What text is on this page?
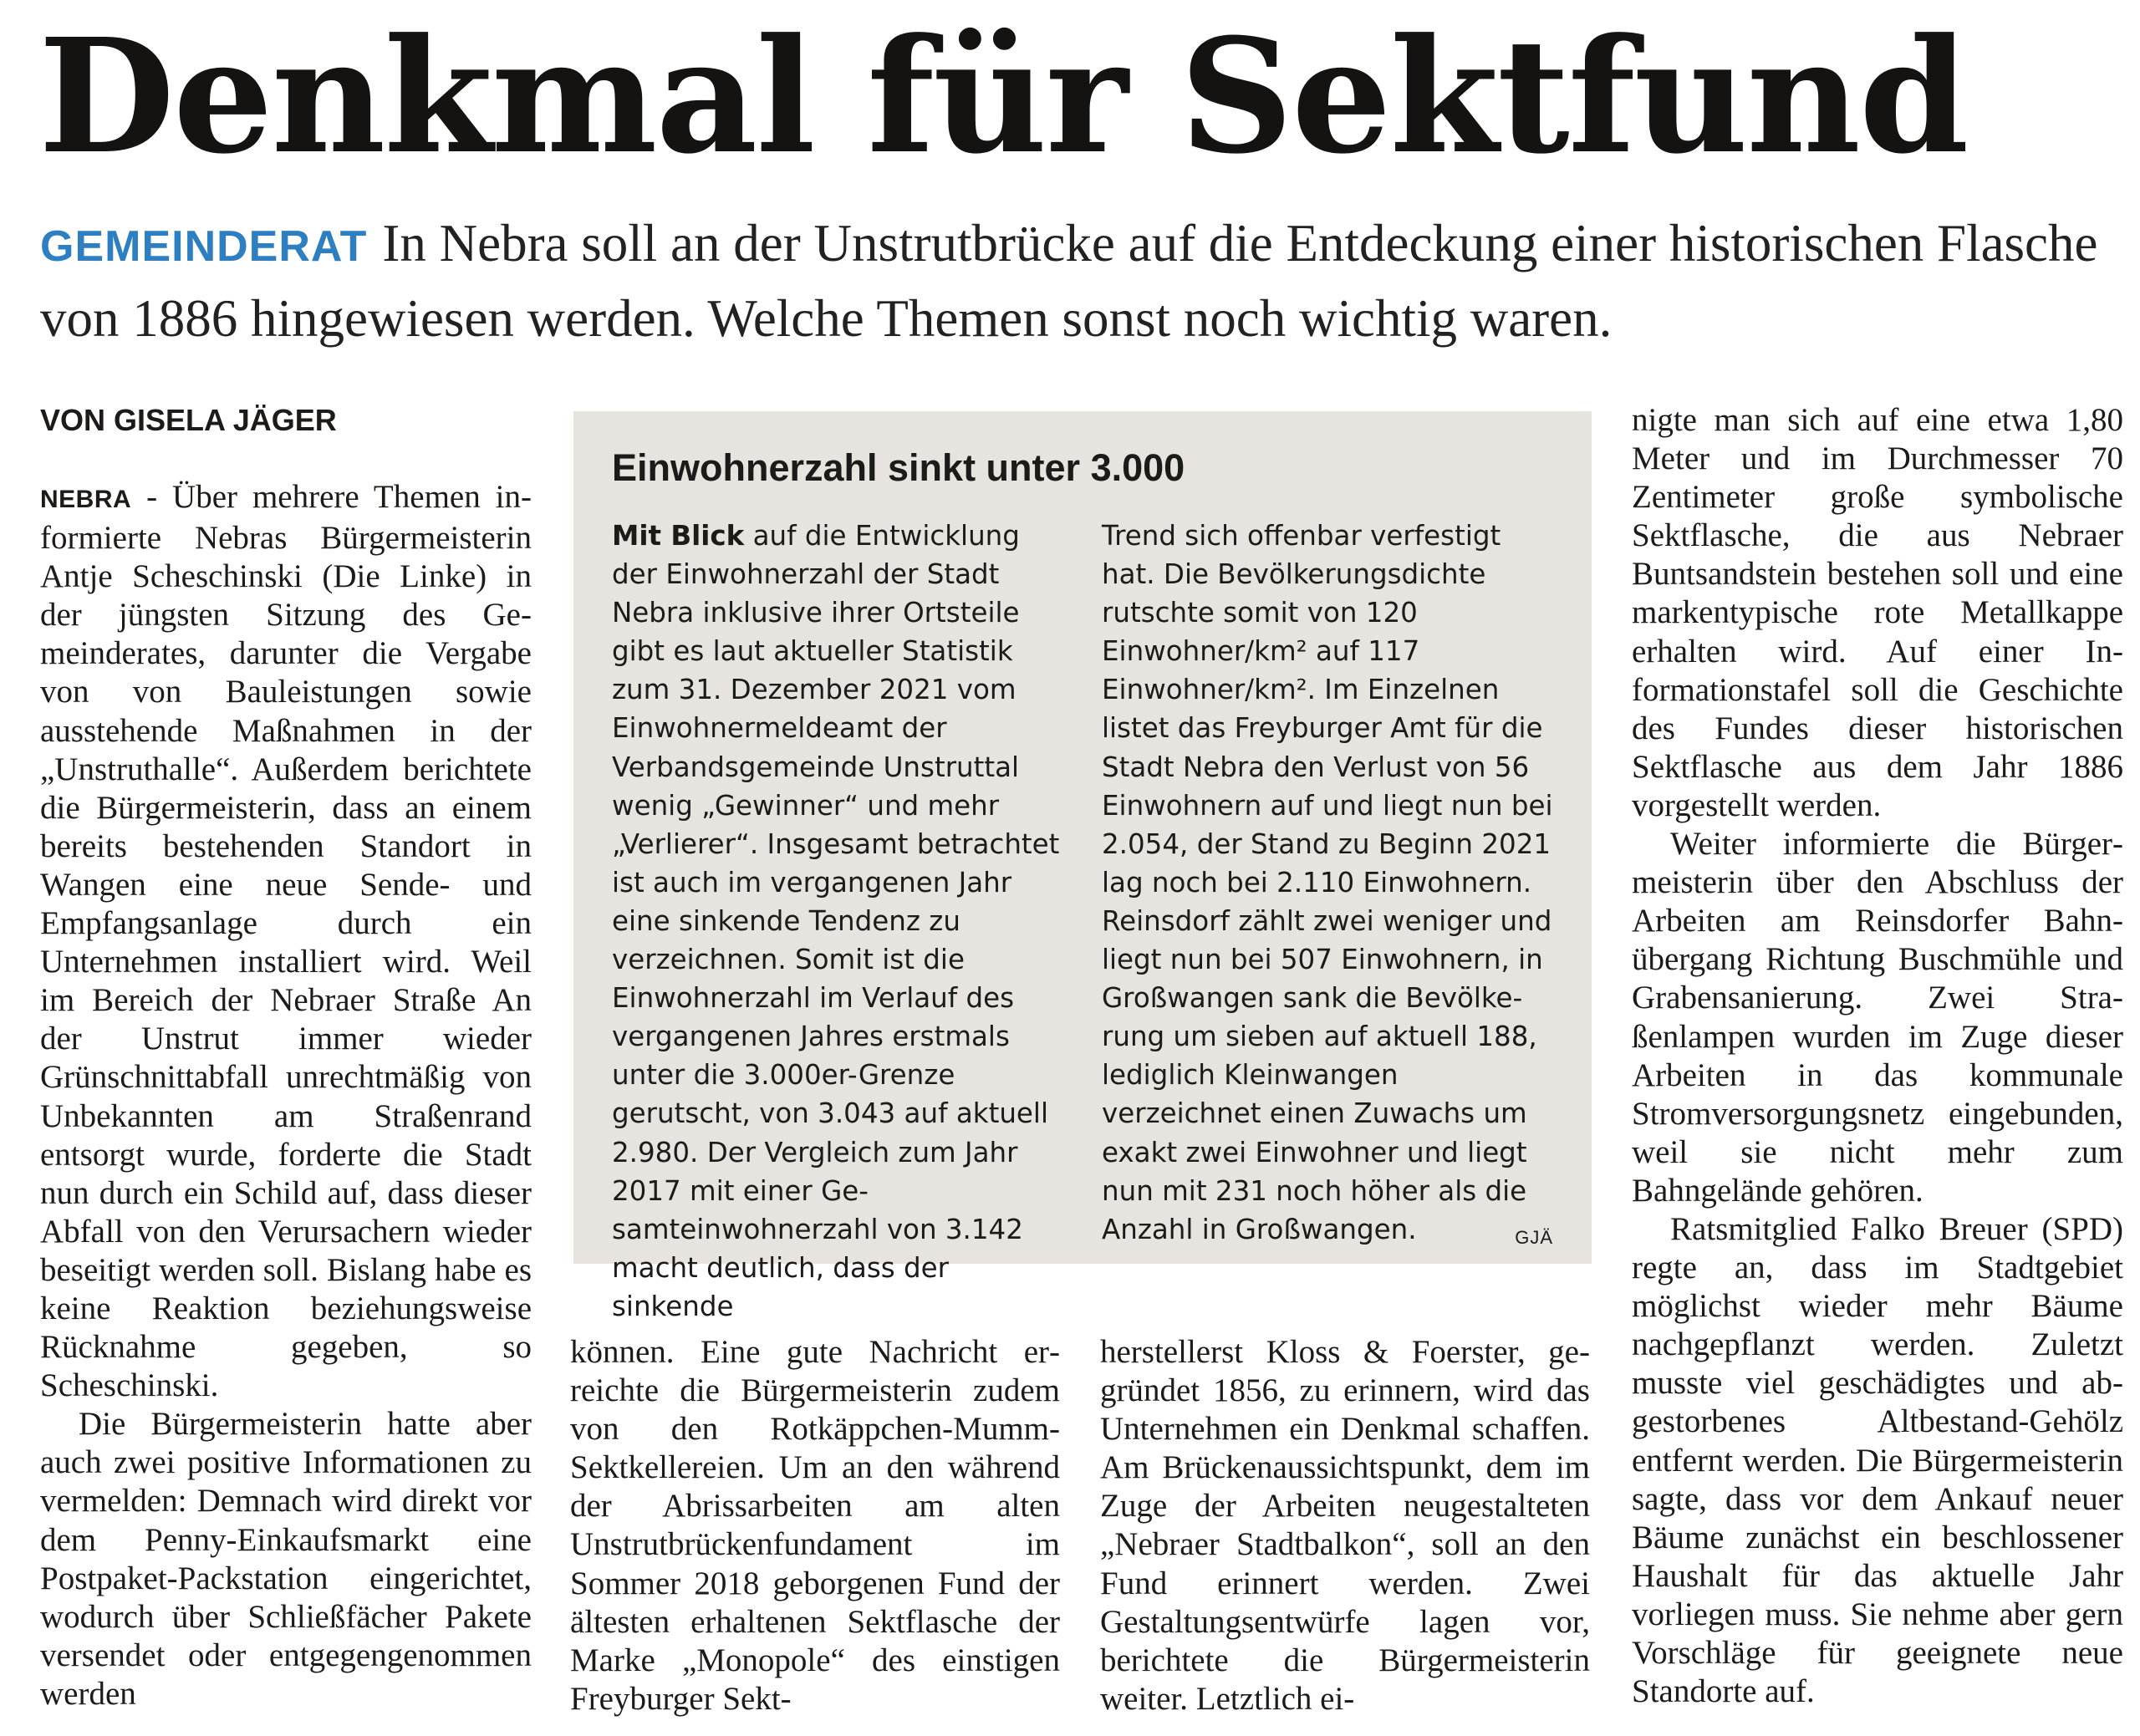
Denkmal für Sektfund
GEMEINDERAT In Nebra soll an der Unstrutbrücke auf die Entdeckung einer historischen Flasche von 1886 hingewiesen werden. Welche Themen sonst noch wichtig waren.
VON GISELA JÄGER

NEBRA - Über mehrere Themen informierte Nebras Bürgermeisterin Antje Scheschinski (Die Linke) in der jüngsten Sitzung des Gemeinderates, darunter die Vergabe von von Bauleistungen sowie ausstehende Maßnahmen in der „Unstruthalle“. Außerdem berichtete die Bürgermeisterin, dass an einem bereits bestehenden Standort in Wangen eine neue Sende- und Empfangsanlage durch ein Unternehmen installiert wird. Weil im Bereich der Nebraer Straße An der Unstrut immer wieder Grünschnittabfall unrechtmäßig von Unbekannten am Straßenrand entsorgt wurde, forderte die Stadt nun durch ein Schild auf, dass dieser Abfall von den Verursachern wieder beseitigt werden soll. Bislang habe es keine Reaktion beziehungsweise Rücknahme gegeben, so Scheschinski.

Die Bürgermeisterin hatte aber auch zwei positive Informationen zu vermelden: Demnach wird direkt vor dem Penny-Einkaufsmarkt eine Postpaket-Packstation eingerichtet, wodurch über Schließfächer Pakete versendet oder entgegengenommen werden

Einwohnerzahl sinkt unter 3.000

Mit Blick auf die Entwicklung der Einwohnerzahl der Stadt Nebra inklusive ihrer Ortsteile gibt es laut aktueller Statistik zum 31. Dezember 2021 vom Einwohnermeldeamt der Verbandsgemeinde Unstruttal wenig „Gewinner“ und mehr „Verlierer“. Insgesamt betrachtet ist auch im vergangenen Jahr eine sinkende Tendenz zu verzeichnen. Somit ist die Einwohnerzahl im Verlauf des vergangenen Jahres erstmals unter die 3.000er-Grenze gerutscht, von 3.043 auf aktuell 2.980. Der Vergleich zum Jahr 2017 mit einer Gesamteinwohnerzahl von 3.142 macht deutlich, dass der sinkende

Trend sich offenbar verfestigt hat. Die Bevölkerungsdichte rutschte somit von 120 Einwohner/km² auf 117 Einwohner/km². Im Einzelnen listet das Freyburger Amt für die Stadt Nebra den Verlust von 56 Einwohnern auf und liegt nun bei 2.054, der Stand zu Beginn 2021 lag noch bei 2.110 Einwohnern. Reinsdorf zählt zwei weniger und liegt nun bei 507 Einwohnern, in Großwangen sank die Bevölkerung um sieben auf aktuell 188, lediglich Kleinwangen verzeichnet einen Zuwachs um exakt zwei Einwohner und liegt nun mit 231 noch höher als die Anzahl in Großwangen.	GJÄ

können. Eine gute Nachricht erreichte die Bürgermeisterin zudem von den Rotkäppchen-Mumm-Sektkellereien. Um an den während der Abrissarbeiten am alten Unstrutbrückenfundament im Sommer 2018 geborgenen Fund der ältesten erhaltenen Sektflasche der Marke „Monopole“ des einstigen Freyburger Sekt-

herstellerst Kloss & Foerster, gegründet 1856, zu erinnern, wird das Unternehmen ein Denkmal schaffen. Am Brückenaussichtspunkt, dem im Zuge der Arbeiten neugestalteten „Nebraer Stadtbalkon“, soll an den Fund erinnert werden. Zwei Gestaltungsentwürfe lagen vor, berichtete die Bürgermeisterin weiter. Letztlich ei-

nigte man sich auf eine etwa 1,80 Meter und im Durchmesser 70 Zentimeter große symbolische Sektflasche, die aus Nebraer Buntsandstein bestehen soll und eine markentypische rote Metallkappe erhalten wird. Auf einer Informationstafel soll die Geschichte des Fundes dieser historischen Sektflasche aus dem Jahr 1886 vorgestellt werden.

Weiter informierte die Bürgermeisterin über den Abschluss der Arbeiten am Reinsdorfer Bahnübergang Richtung Buschmühle und Grabensanierung. Zwei Straßenlampen wurden im Zuge dieser Arbeiten in das kommunale Stromversorgungsnetz eingebunden, weil sie nicht mehr zum Bahngelände gehören.

Ratsmitglied Falko Breuer (SPD) regte an, dass im Stadtgebiet möglichst wieder mehr Bäume nachgepflanzt werden. Zuletzt musste viel geschädigtes und abgestorbenes Altbestand-Gehölz entfernt werden. Die Bürgermeisterin sagte, dass vor dem Ankauf neuer Bäume zunächst ein beschlossener Haushalt für das aktuelle Jahr vorliegen muss. Sie nehme aber gern Vorschläge für geeignete neue Standorte auf.
